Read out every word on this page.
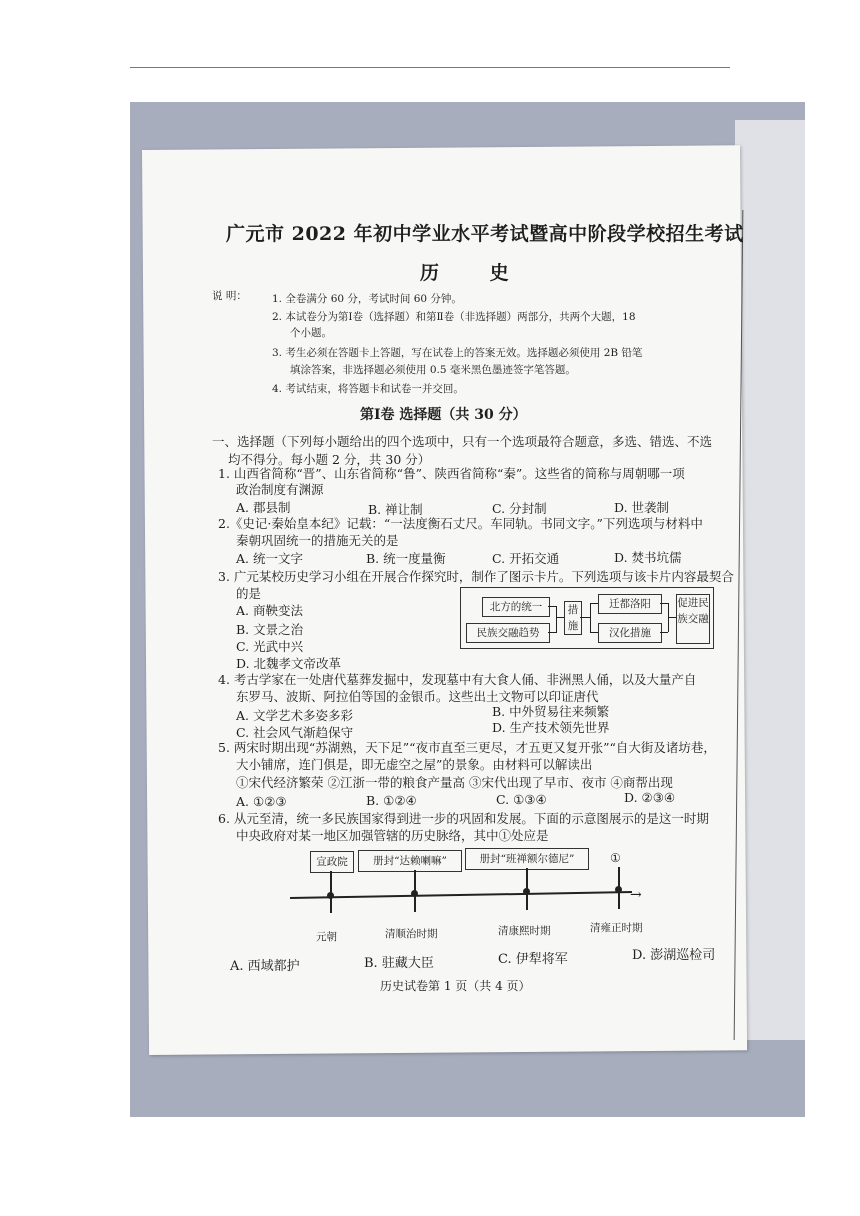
广元市 2022 年初中学业水平考试暨高中阶段学校招生考试
历 史
说 明： 1. 全卷满分 60 分，考试时间 60 分钟。
2. 本试卷分为第Ⅰ卷（选择题）和第Ⅱ卷（非选择题）两部分，共两个大题，18
个小题。
3. 考生必须在答题卡上答题，写在试卷上的答案无效。选择题必须使用 2B 铅笔
填涂答案，非选择题必须使用 0.5 毫米黑色墨迹签字笔答题。
4. 考试结束，将答题卡和试卷一并交回。
第Ⅰ卷 选择题（共 30 分）
一、选择题（下列每小题给出的四个选项中，只有一个选项最符合题意，多选、错选、不选
均不得分。每小题 2 分，共 30 分）
1. 山西省简称“晋”、山东省简称“鲁”、陕西省简称“秦”。这些省的简称与周朝哪一项
政治制度有渊源
A. 郡县制	B. 禅让制	C. 分封制	D. 世袭制
2.《史记·秦始皇本纪》记载：“一法度衡石丈尺。车同轨。书同文字。”下列选项与材料中
秦朝巩固统一的措施无关的是
A. 统一文字	B. 统一度量衡	C. 开拓交通	D. 焚书坑儒
3. 广元某校历史学习小组在开展合作探究时，制作了图示卡片。下列选项与该卡片内容最契合
的是
A. 商鞅变法
B. 文景之治
C. 光武中兴
D. 北魏孝文帝改革
北方的统一
民族交融趋势
措施
迁都洛阳
汉化措施
促进民族交融
4. 考古学家在一处唐代墓葬发掘中，发现墓中有大食人俑、非洲黑人俑，以及大量产自
东罗马、波斯、阿拉伯等国的金银币。这些出土文物可以印证唐代
A. 文学艺术多姿多彩	B. 中外贸易往来频繁
C. 社会风气渐趋保守	D. 生产技术领先世界
5. 两宋时期出现“苏湖熟，天下足”“夜市直至三更尽，才五更又复开张”“自大街及诸坊巷，
大小铺席，连门俱是，即无虚空之屋”的景象。由材料可以解读出
①宋代经济繁荣 ②江浙一带的粮食产量高 ③宋代出现了早市、夜市 ④商帮出现
A. ①②③	B. ①②④	C. ①③④	D. ②③④
6. 从元至清，统一多民族国家得到进一步的巩固和发展。下面的示意图展示的是这一时期
中央政府对某一地区加强管辖的历史脉络，其中①处应是
宣政院	册封“达赖喇嘛”	册封“班禅额尔德尼”	①
→
元朝	清顺治时期	清康熙时期	清雍正时期
A. 西域都护	B. 驻藏大臣	C. 伊犁将军	D. 澎湖巡检司
历史试卷第 1 页（共 4 页）
